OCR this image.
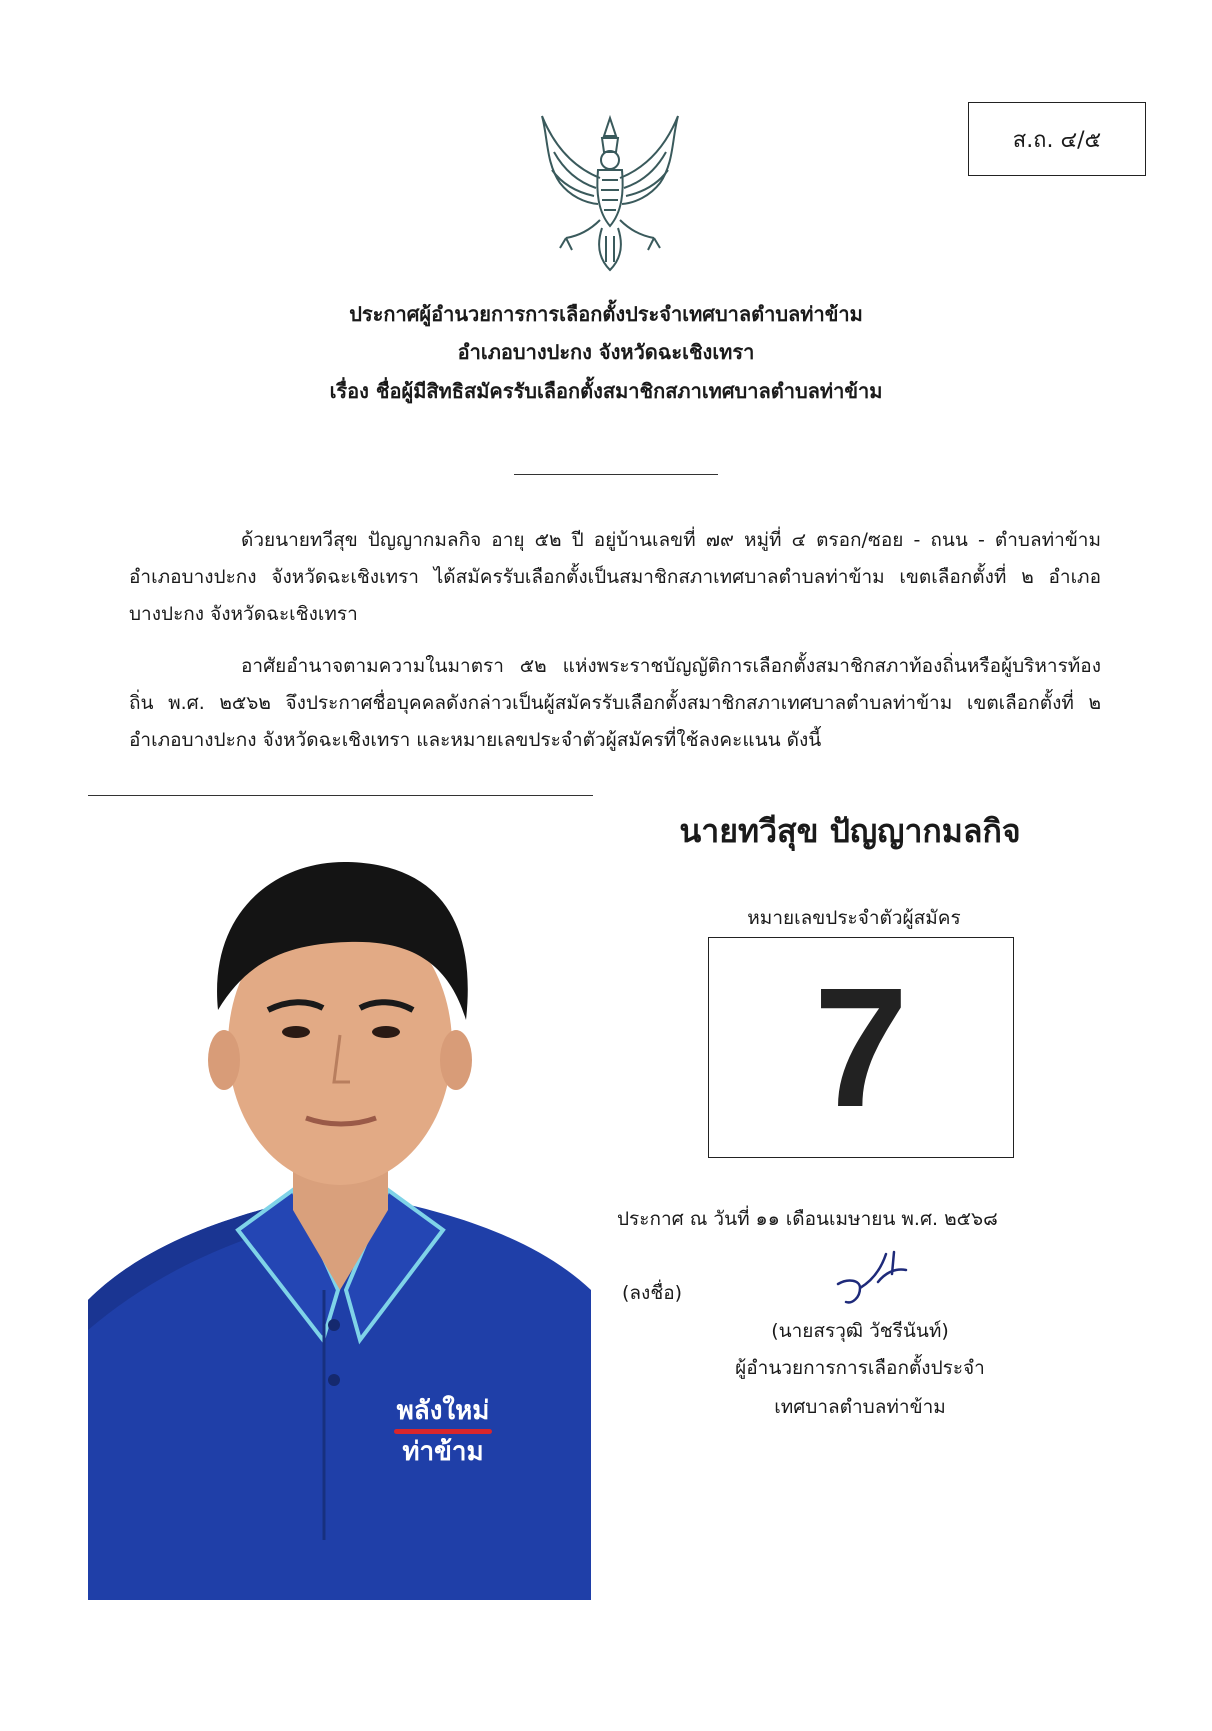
ส.ถ. ๔/๕
ประกาศผู้อำนวยการการเลือกตั้งประจำเทศบาลตำบลท่าข้าม
อำเภอบางปะกง จังหวัดฉะเชิงเทรา
เรื่อง ชื่อผู้มีสิทธิสมัครรับเลือกตั้งสมาชิกสภาเทศบาลตำบลท่าข้าม
ด้วยนายทวีสุข ปัญญากมลกิจ อายุ ๕๒ ปี อยู่บ้านเลขที่ ๗๙ หมู่ที่ ๔ ตรอก/ซอย - ถนน - ตำบลท่าข้าม อำเภอบางปะกง จังหวัดฉะเชิงเทรา ได้สมัครรับเลือกตั้งเป็นสมาชิกสภาเทศบาลตำบลท่าข้าม เขตเลือกตั้งที่ ๒ อำเภอบางปะกง จังหวัดฉะเชิงเทรา
อาศัยอำนาจตามความในมาตรา ๕๒ แห่งพระราชบัญญัติการเลือกตั้งสมาชิกสภาท้องถิ่นหรือผู้บริหารท้องถิ่น พ.ศ. ๒๕๖๒ จึงประกาศชื่อบุคคลดังกล่าวเป็นผู้สมัครรับเลือกตั้งสมาชิกสภาเทศบาลตำบลท่าข้าม เขตเลือกตั้งที่ ๒ อำเภอบางปะกง จังหวัดฉะเชิงเทรา และหมายเลขประจำตัวผู้สมัครที่ใช้ลงคะแนน ดังนี้
พลังใหม่
ท่าข้าม
นายทวีสุข ปัญญากมลกิจ
หมายเลขประจำตัวผู้สมัคร
7
ประกาศ ณ วันที่ ๑๑ เดือนเมษายน พ.ศ. ๒๕๖๘
(ลงชื่อ)
(นายสรวุฒิ วัชรีนันท์)
ผู้อำนวยการการเลือกตั้งประจำ
เทศบาลตำบลท่าข้าม
